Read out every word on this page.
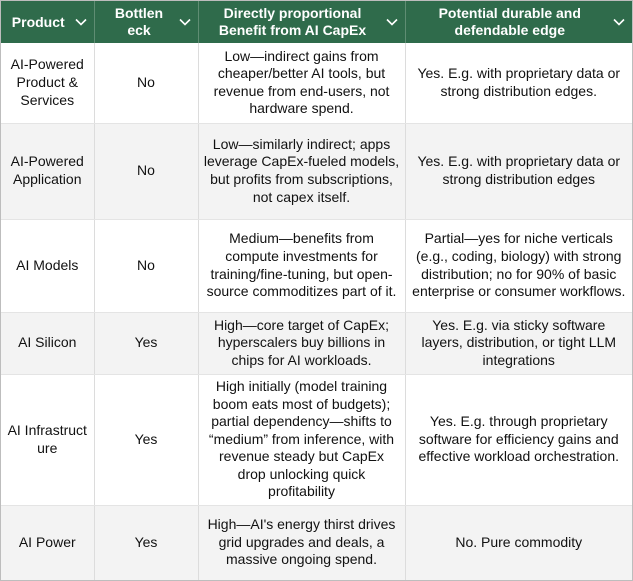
Product	Bottleneck	Directly proportional Benefit from AI CapEx	Potential durable and defendable edge

AI-Powered Product & Services	No	Low—indirect gains from cheaper/better AI tools, but revenue from end-users, not hardware spend.	Yes. E.g. with proprietary data or strong distribution edges.
AI-Powered Application	No	Low—similarly indirect; apps leverage CapEx-fueled models, but profits from subscriptions, not capex itself.	Yes. E.g. with proprietary data or strong distribution edges
AI Models	No	Medium—benefits from compute investments for training/fine-tuning, but open-source commoditizes part of it.	Partial—yes for niche verticals (e.g., coding, biology) with strong distribution; no for 90% of basic enterprise or consumer workflows.
AI Silicon	Yes	High—core target of CapEx; hyperscalers buy billions in chips for AI workloads.	Yes. E.g. via sticky software layers, distribution, or tight LLM integrations
AI Infrastructure	Yes	High initially (model training boom eats most of budgets); partial dependency—shifts to “medium” from inference, with revenue steady but CapEx drop unlocking quick profitability	Yes. E.g. through proprietary software for efficiency gains and effective workload orchestration.
AI Power	Yes	High—AI's energy thirst drives grid upgrades and deals, a massive ongoing spend.	No. Pure commodity
